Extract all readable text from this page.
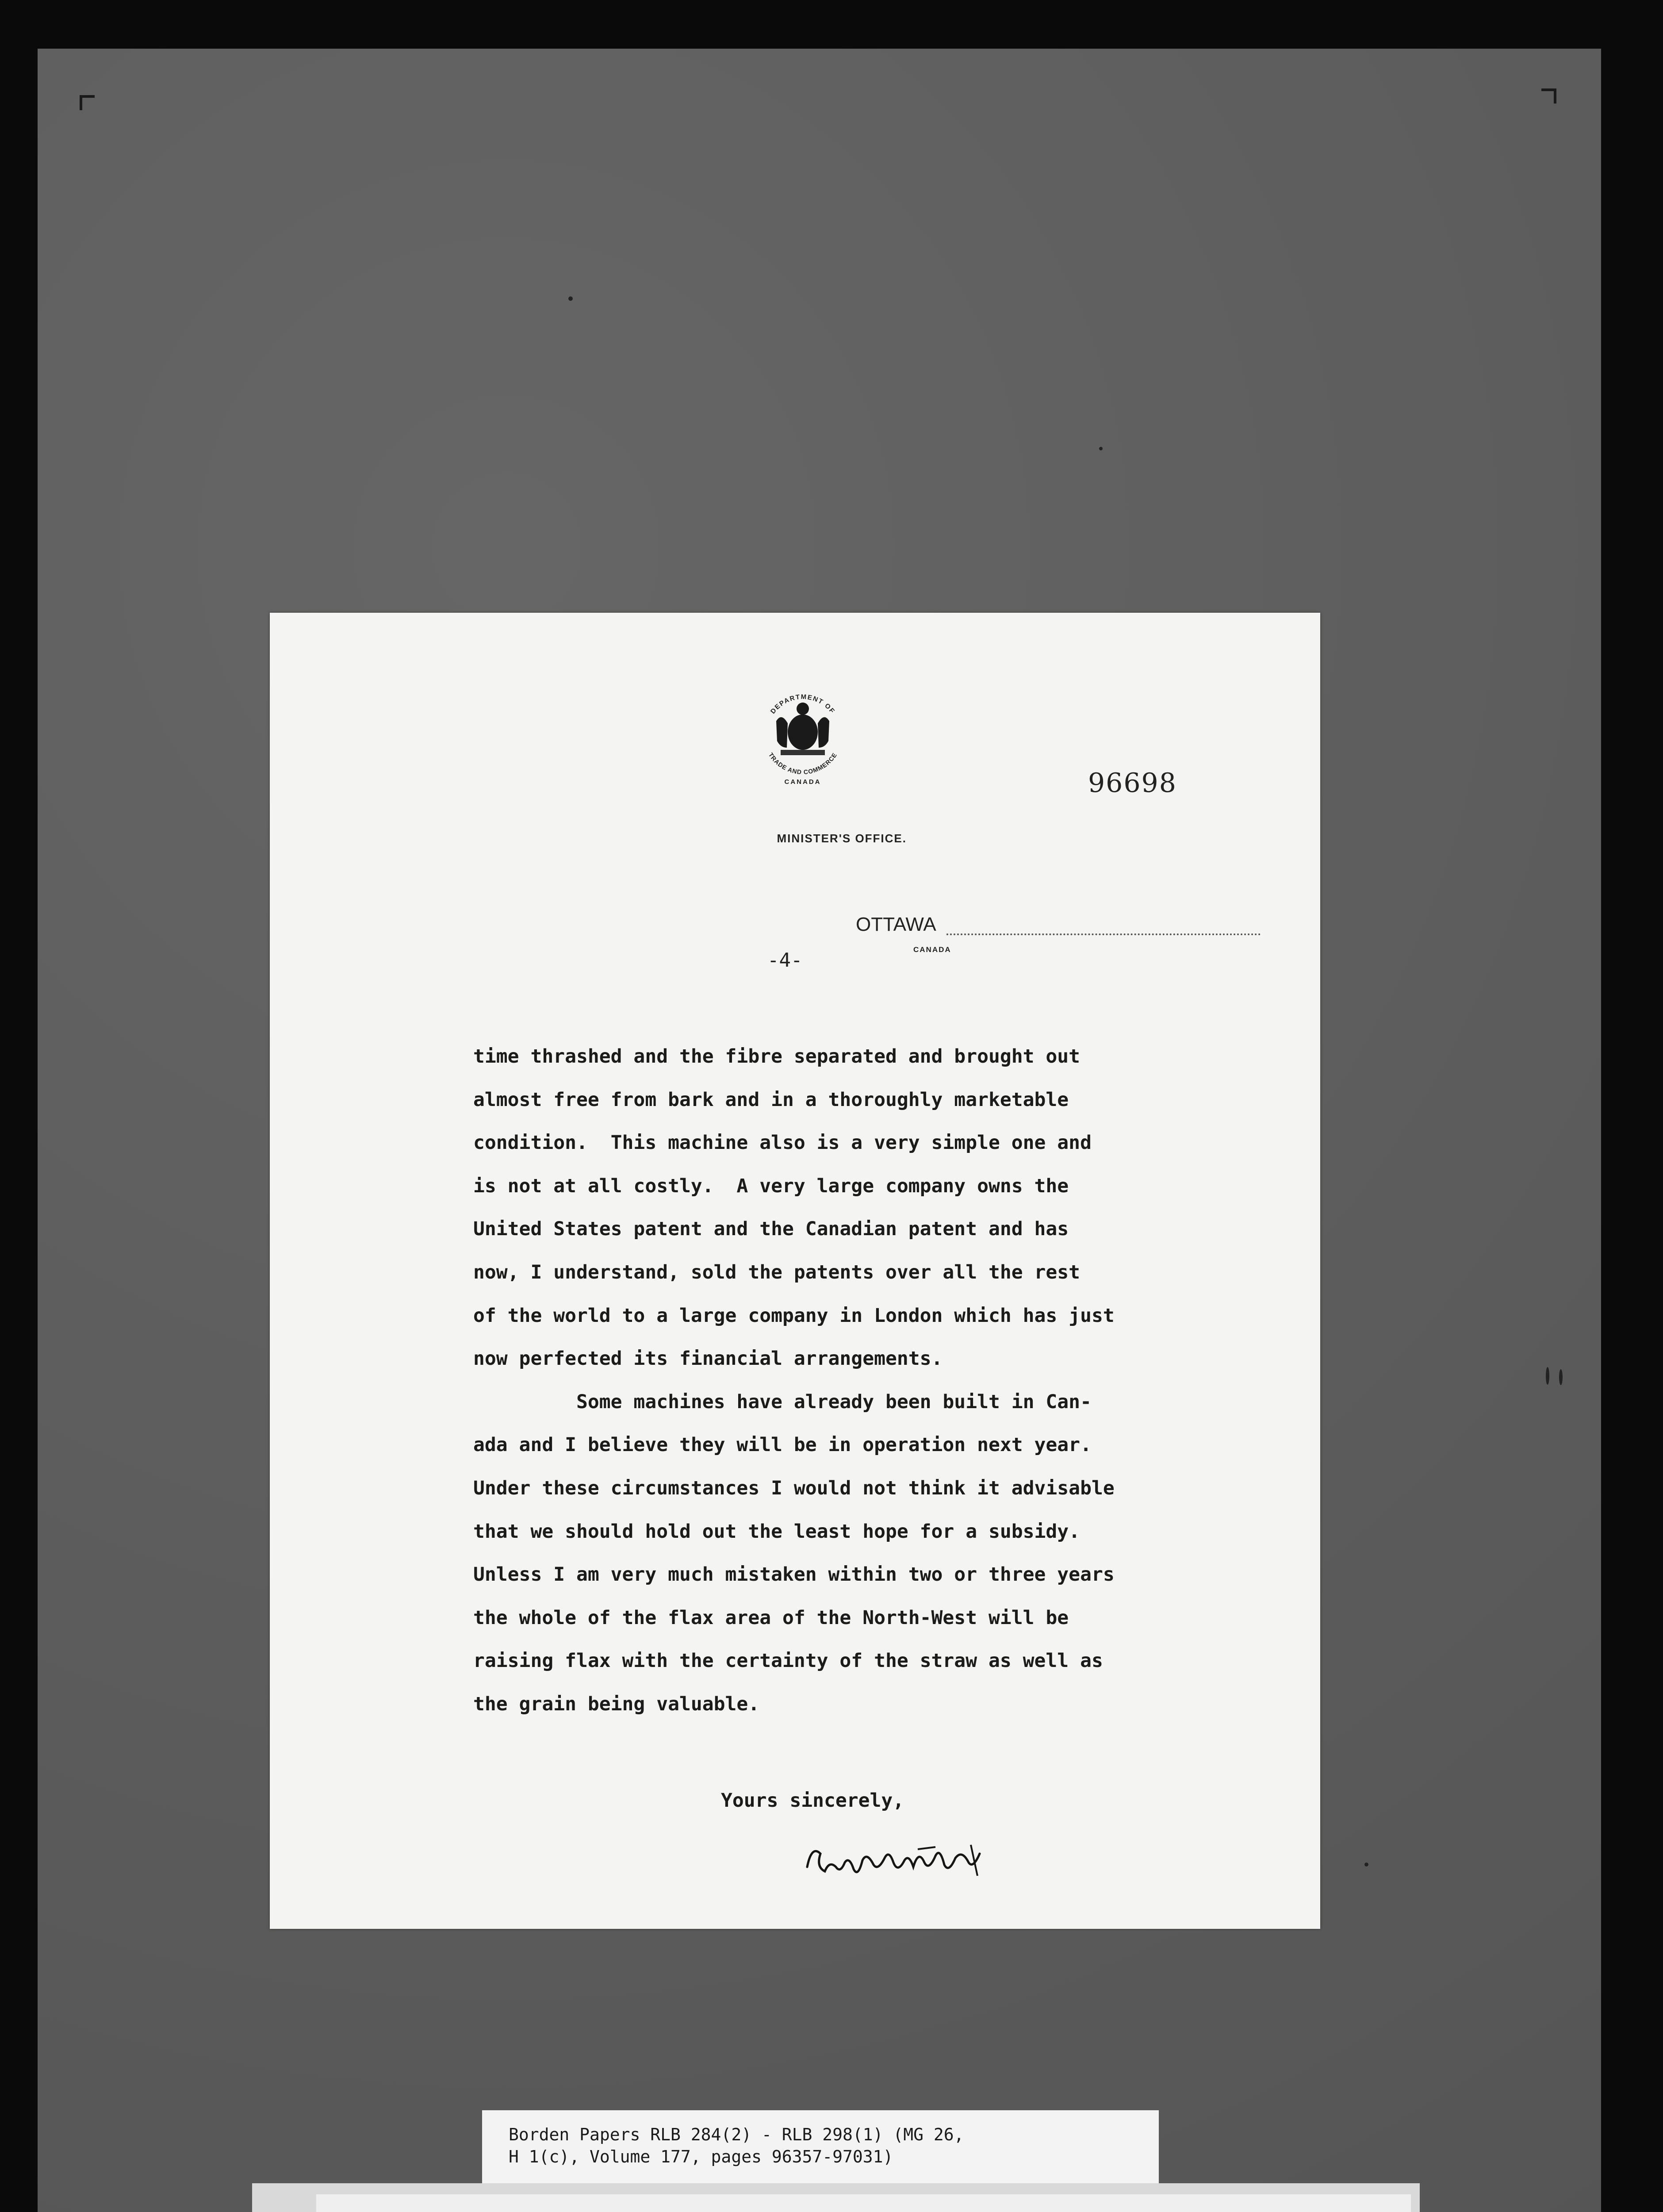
DEPARTMENT OF
TRADE AND COMMERCE
CANADA	96698
MINISTER'S OFFICE.
OTTAWA
CANADA
-4-
time thrashed and the fibre separated and brought out
almost free from bark and in a thoroughly marketable
condition.  This machine also is a very simple one and
is not at all costly.  A very large company owns the
United States patent and the Canadian patent and has
now, I understand, sold the patents over all the rest
of the world to a large company in London which has just
now perfected its financial arrangements.
Some machines have already been built in Can-
ada and I believe they will be in operation next year.
Under these circumstances I would not think it advisable
that we should hold out the least hope for a subsidy.
Unless I am very much mistaken within two or three years
the whole of the flax area of the North-West will be
raising flax with the certainty of the straw as well as
the grain being valuable.
Yours sincerely,
Borden Papers RLB 284(2) - RLB 298(1) (MG 26,
H 1(c), Volume 177, pages 96357-97031)
